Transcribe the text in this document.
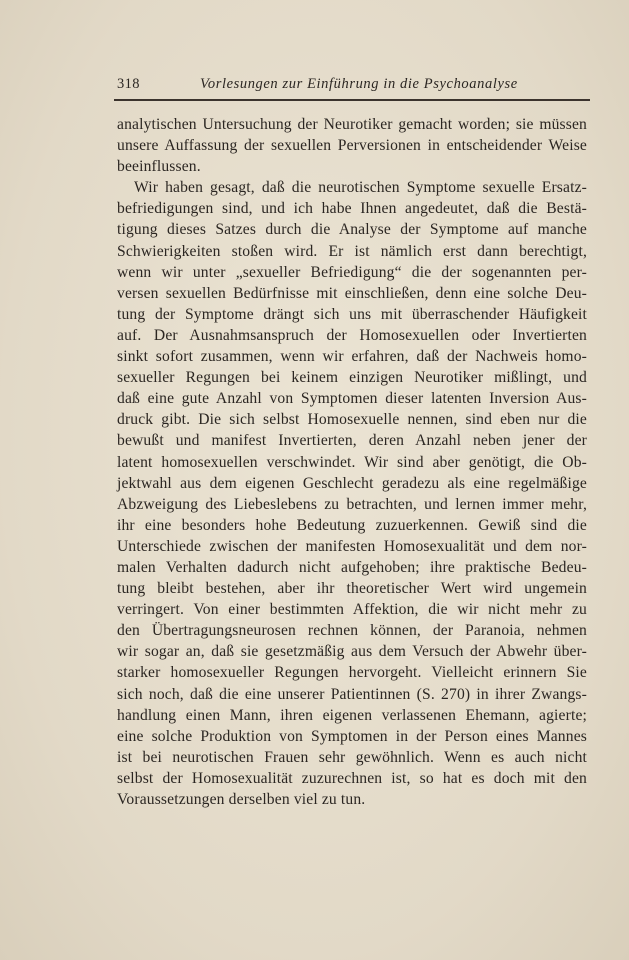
318	Vorlesungen zur Einführung in die Psychoanalyse
analytischen Untersuchung der Neurotiker gemacht worden; sie müssen
unsere Auffassung der sexuellen Perversionen in entscheidender Weise
beeinflussen.
Wir haben gesagt, daß die neurotischen Symptome sexuelle Ersatz-
befriedigungen sind, und ich habe Ihnen angedeutet, daß die Bestä-
tigung dieses Satzes durch die Analyse der Symptome auf manche
Schwierigkeiten stoßen wird. Er ist nämlich erst dann berechtigt,
wenn wir unter „sexueller Befriedigung“ die der sogenannten per-
versen sexuellen Bedürfnisse mit einschließen, denn eine solche Deu-
tung der Symptome drängt sich uns mit überraschender Häufigkeit
auf. Der Ausnahmsanspruch der Homosexuellen oder Invertierten
sinkt sofort zusammen, wenn wir erfahren, daß der Nachweis homo-
sexueller Regungen bei keinem einzigen Neurotiker mißlingt, und
daß eine gute Anzahl von Symptomen dieser latenten Inversion Aus-
druck gibt. Die sich selbst Homosexuelle nennen, sind eben nur die
bewußt und manifest Invertierten, deren Anzahl neben jener der
latent homosexuellen verschwindet. Wir sind aber genötigt, die Ob-
jektwahl aus dem eigenen Geschlecht geradezu als eine regelmäßige
Abzweigung des Liebeslebens zu betrachten, und lernen immer mehr,
ihr eine besonders hohe Bedeutung zuzuerkennen. Gewiß sind die
Unterschiede zwischen der manifesten Homosexualität und dem nor-
malen Verhalten dadurch nicht aufgehoben; ihre praktische Bedeu-
tung bleibt bestehen, aber ihr theoretischer Wert wird ungemein
verringert. Von einer bestimmten Affektion, die wir nicht mehr zu
den Übertragungsneurosen rechnen können, der Paranoia, nehmen
wir sogar an, daß sie gesetzmäßig aus dem Versuch der Abwehr über-
starker homosexueller Regungen hervorgeht. Vielleicht erinnern Sie
sich noch, daß die eine unserer Patientinnen (S. 270) in ihrer Zwangs-
handlung einen Mann, ihren eigenen verlassenen Ehemann, agierte;
eine solche Produktion von Symptomen in der Person eines Mannes
ist bei neurotischen Frauen sehr gewöhnlich. Wenn es auch nicht
selbst der Homosexualität zuzurechnen ist, so hat es doch mit den
Voraussetzungen derselben viel zu tun.
